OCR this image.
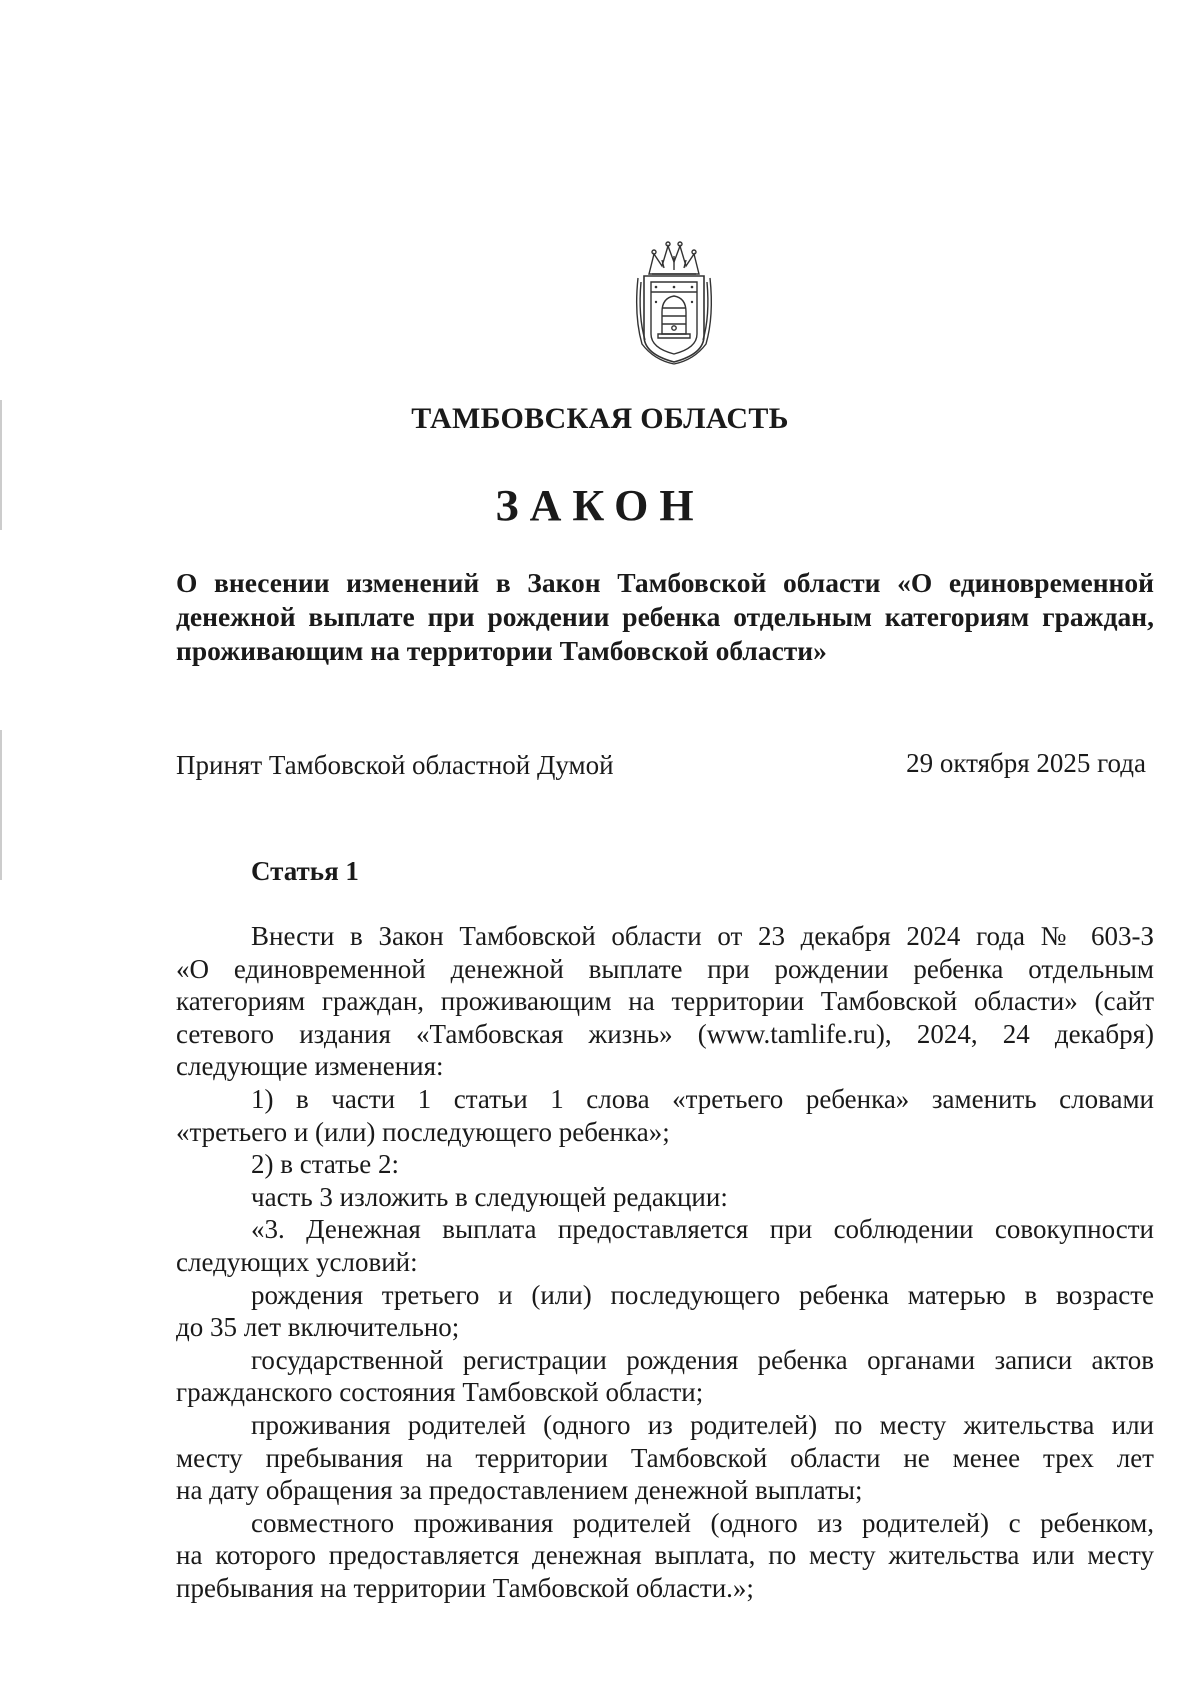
ТАМБОВСКАЯ ОБЛАСТЬ
ЗАКОН
О внесении изменений в Закон Тамбовской области «О единовременной
денежной выплате при рождении ребенка отдельным категориям граждан,
проживающим на территории Тамбовской области»
Принят Тамбовской областной Думой	29 октября 2025 года
Статья 1
Внести в Закон Тамбовской области от 23 декабря 2024 года № 603-З
«О единовременной денежной выплате при рождении ребенка отдельным
категориям граждан, проживающим на территории Тамбовской области» (сайт
сетевого издания «Тамбовская жизнь» (www.tamlife.ru), 2024, 24 декабря)
следующие изменения:
1) в части 1 статьи 1 слова «третьего ребенка» заменить словами
«третьего и (или) последующего ребенка»;
2) в статье 2:
часть 3 изложить в следующей редакции:
«3. Денежная выплата предоставляется при соблюдении совокупности
следующих условий:
рождения третьего и (или) последующего ребенка матерью в возрасте
до 35 лет включительно;
государственной регистрации рождения ребенка органами записи актов
гражданского состояния Тамбовской области;
проживания родителей (одного из родителей) по месту жительства или
месту пребывания на территории Тамбовской области не менее трех лет
на дату обращения за предоставлением денежной выплаты;
совместного проживания родителей (одного из родителей) с ребенком,
на которого предоставляется денежная выплата, по месту жительства или месту
пребывания на территории Тамбовской области.»;
